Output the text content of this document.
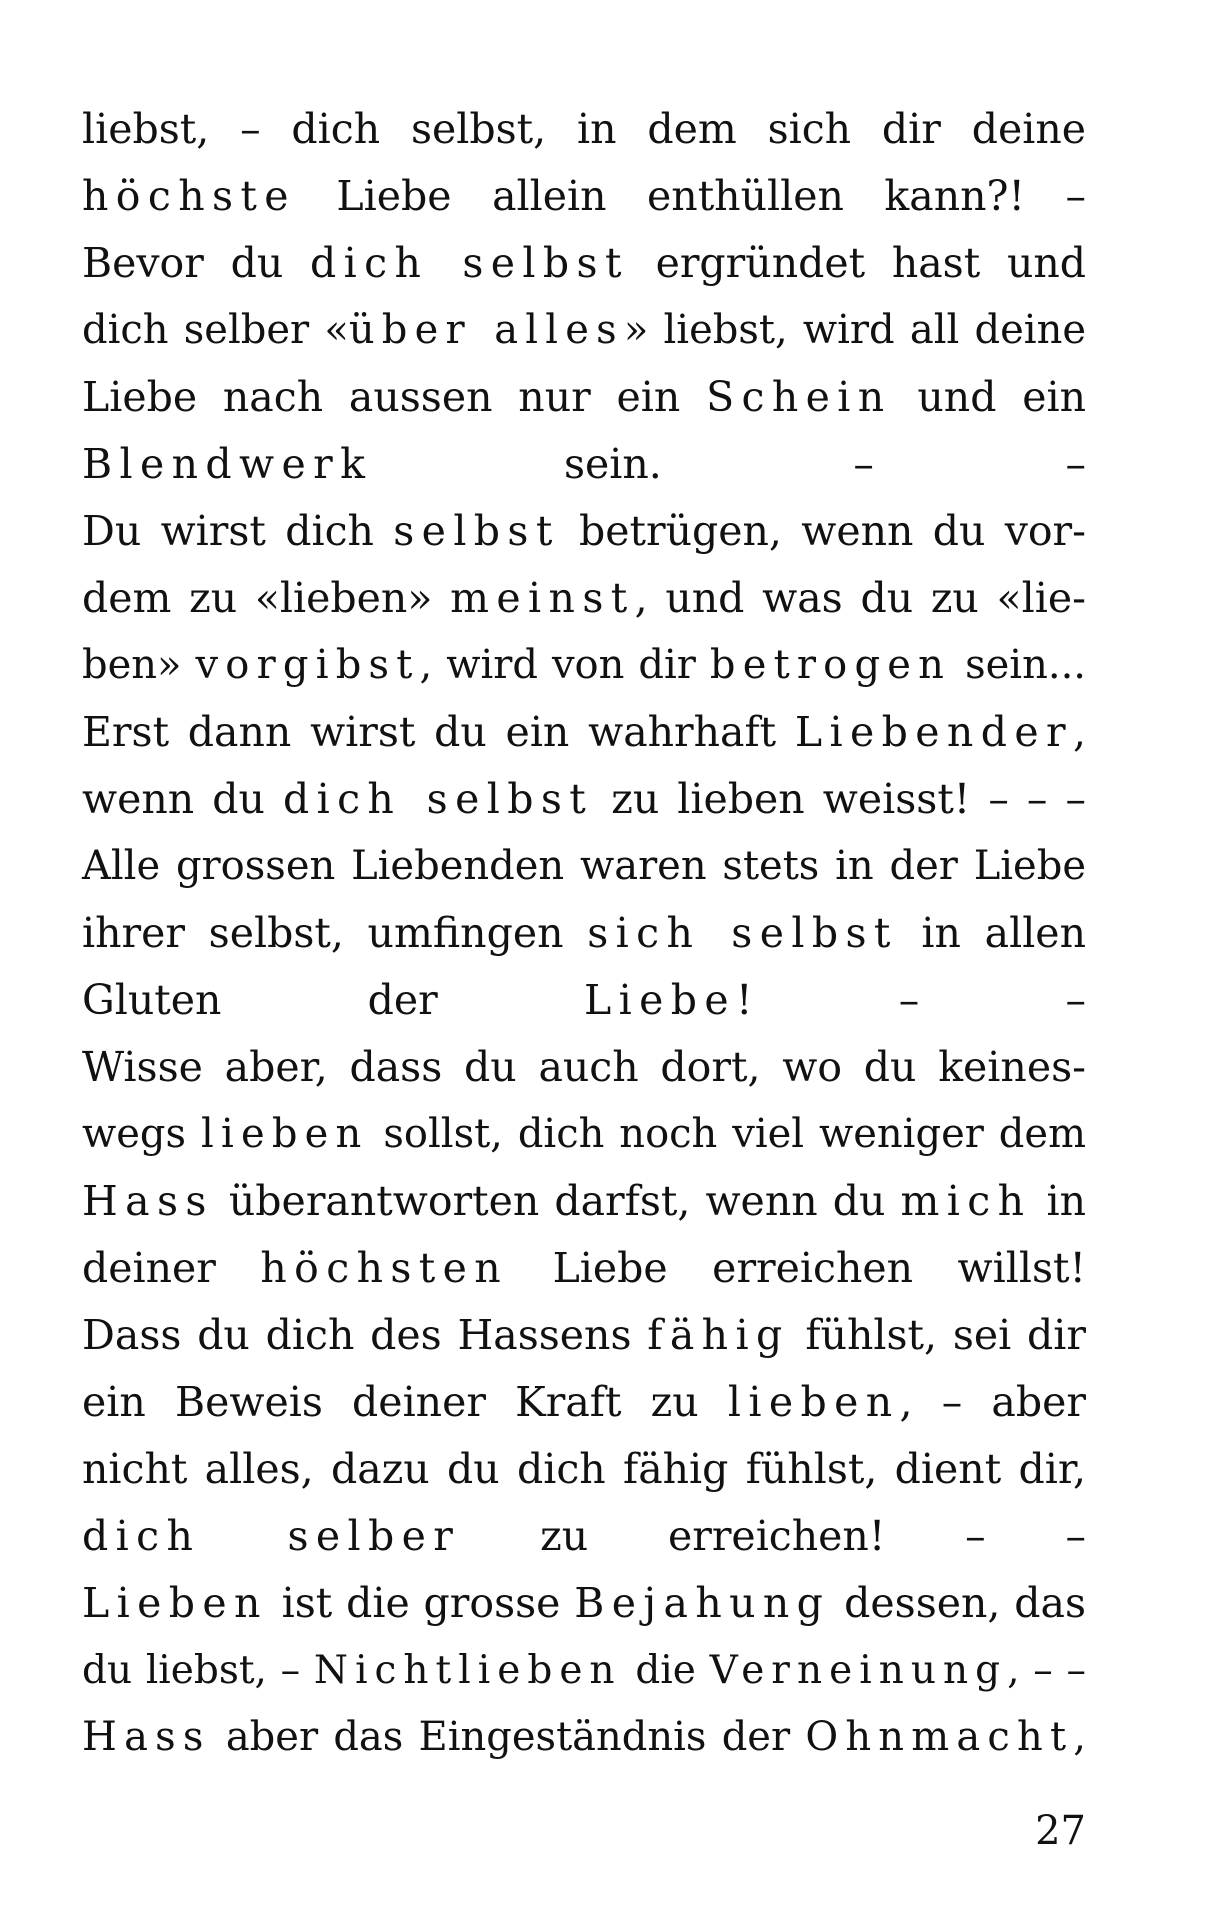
liebst, – dich selbst, in dem sich dir deine
höchste Liebe allein enthüllen kann?! –
Bevor du dich selbst ergründet hast und
dich selber «über alles» liebst, wird all deine
Liebe nach aussen nur ein Schein und ein
Blendwerk sein. – –
Du wirst dich selbst betrügen, wenn du vor-
dem zu «lieben» meinst, und was du zu «lie-
ben» vorgibst, wird von dir betrogen sein...
Erst dann wirst du ein wahrhaft Liebender,
wenn du dich selbst zu lieben weisst! – – –
Alle grossen Liebenden waren stets in der Liebe
ihrer selbst, umfingen sich selbst in allen
Gluten der Liebe! – –
Wisse aber, dass du auch dort, wo du keines-
wegs lieben sollst, dich noch viel weniger dem
Hass überantworten darfst, wenn du mich in
deiner höchsten Liebe erreichen willst!
Dass du dich des Hassens fähig fühlst, sei dir
ein Beweis deiner Kraft zu lieben, – aber
nicht alles, dazu du dich fähig fühlst, dient dir,
dich selber zu erreichen! – –
Lieben ist die grosse Bejahung dessen, das
du liebst, – Nichtlieben die Verneinung, – –
Hass aber das Eingeständnis der Ohnmacht,
27
